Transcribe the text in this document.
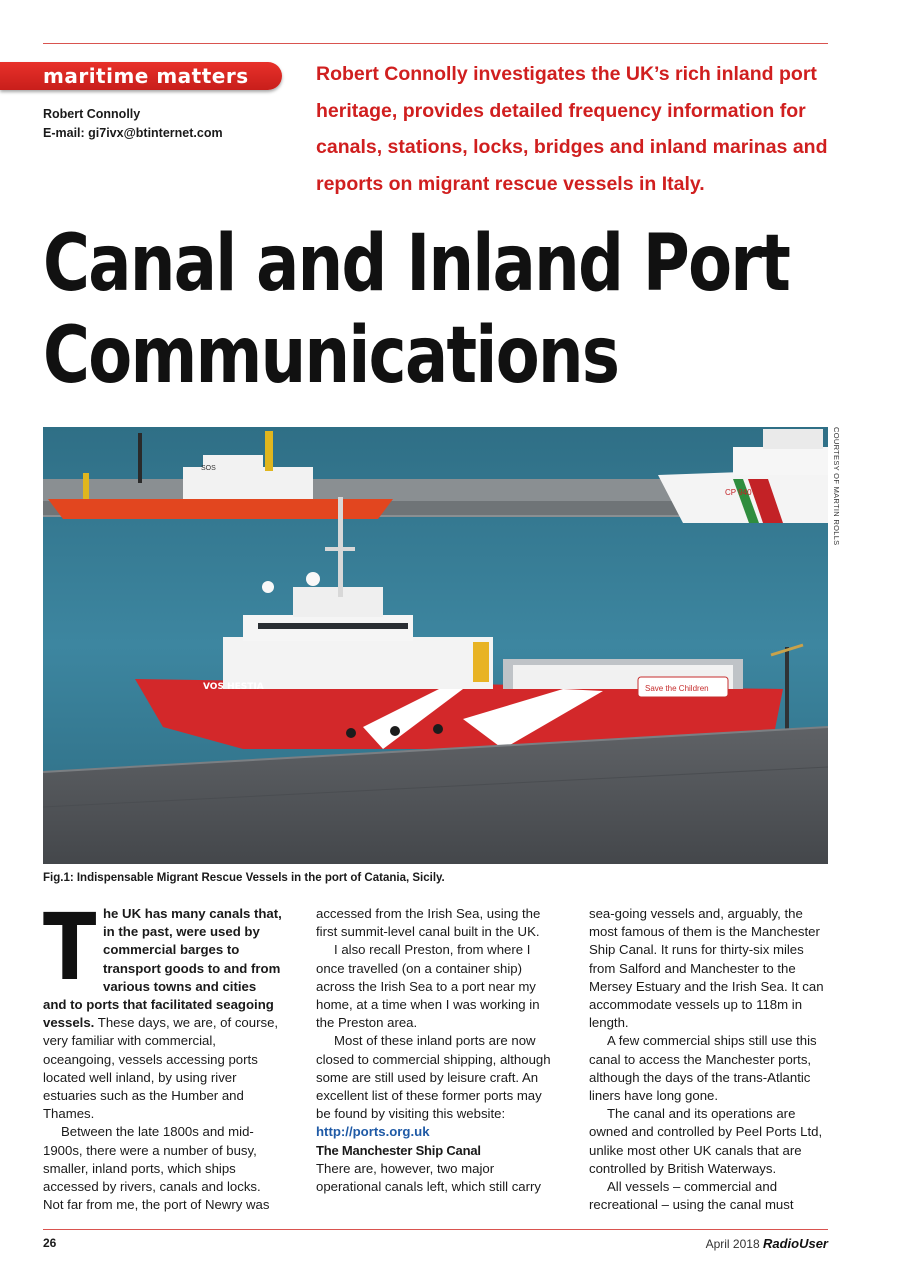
maritime matters
Robert Connolly
E-mail: gi7ivx@btinternet.com
Robert Connolly investigates the UK’s rich inland port heritage, provides detailed frequency information for canals, stations, locks, bridges and inland marinas and reports on migrant rescue vessels in Italy.
Canal and Inland Port
Communications
SOS
CP 940
Save the Children
VOS HESTIA
COURTESY OF MARTIN ROLLS
Fig.1: Indispensable Migrant Rescue Vessels in the port of Catania, Sicily.

The UK has many canals that, in the past, were used by commercial barges to transport goods to and from various towns and cities and to ports that facilitated seagoing vessels. These days, we are, of course, very familiar with commercial, oceangoing, vessels accessing ports located well inland, by using river estuaries such as the Humber and Thames.

Between the late 1800s and mid-1900s, there were a number of busy, smaller, inland ports, which ships accessed by rivers, canals and locks. Not far from me, the port of Newry was

accessed from the Irish Sea, using the first summit-level canal built in the UK.

I also recall Preston, from where I once travelled (on a container ship) across the Irish Sea to a port near my home, at a time when I was working in the Preston area.

Most of these inland ports are now closed to commercial shipping, although some are still used by leisure craft. An excellent list of these former ports may be found by visiting this website:

http://ports.org.uk

The Manchester Ship Canal

There are, however, two major operational canals left, which still carry

sea-going vessels and, arguably, the most famous of them is the Manchester Ship Canal. It runs for thirty-six miles from Salford and Manchester to the Mersey Estuary and the Irish Sea. It can accommodate vessels up to 118m in length.

A few commercial ships still use this canal to access the Manchester ports, although the days of the trans-Atlantic liners have long gone.

The canal and its operations are owned and controlled by Peel Ports Ltd, unlike most other UK canals that are controlled by British Waterways.

All vessels – commercial and recreational – using the canal must

26	April 2018 RadioUser
